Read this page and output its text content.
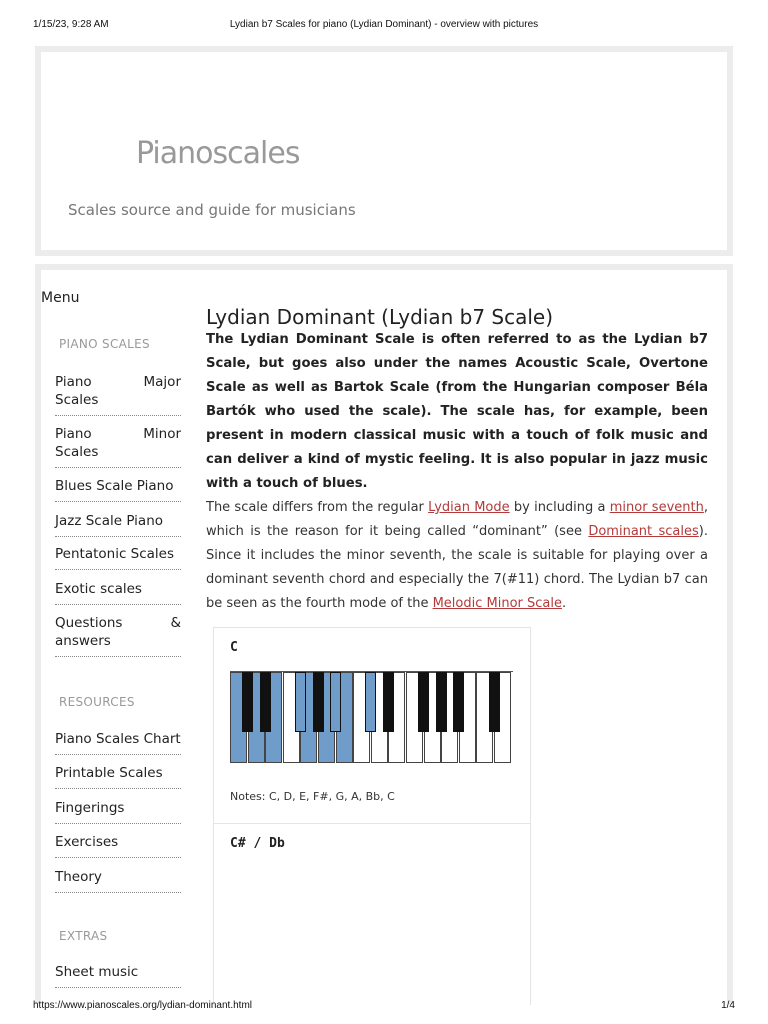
1/15/23, 9:28 AM	Lydian b7 Scales for piano (Lydian Dominant) - overview with pictures
Pianoscales
Scales source and guide for musicians
Menu
PIANO SCALES
Piano	Major
Scales
Piano	Minor
Scales
Blues Scale Piano
Jazz Scale Piano
Pentatonic Scales
Exotic scales
Questions	&
answers
RESOURCES
Piano Scales Chart
Printable Scales
Fingerings
Exercises
Theory
EXTRAS
Sheet music
Lydian Dominant (Lydian b7 Scale)
The Lydian Dominant Scale is often referred to as the Lydian b7 Scale, but goes also under the names Acoustic Scale, Overtone Scale as well as Bartok Scale (from the Hungarian composer Béla Bartók who used the scale). The scale has, for example, been present in modern classical music with a touch of folk music and can deliver a kind of mystic feeling. It is also popular in jazz music with a touch of blues.
The scale differs from the regular Lydian Mode by including a minor seventh, which is the reason for it being called “dominant” (see Dominant scales). Since it includes the minor seventh, the scale is suitable for playing over a dominant seventh chord and especially the 7(#11) chord. The Lydian b7 can be seen as the fourth mode of the Melodic Minor Scale.
C
Notes: C, D, E, F#, G, A, Bb, C
C# / Db
https://www.pianoscales.org/lydian-dominant.html	1/4
